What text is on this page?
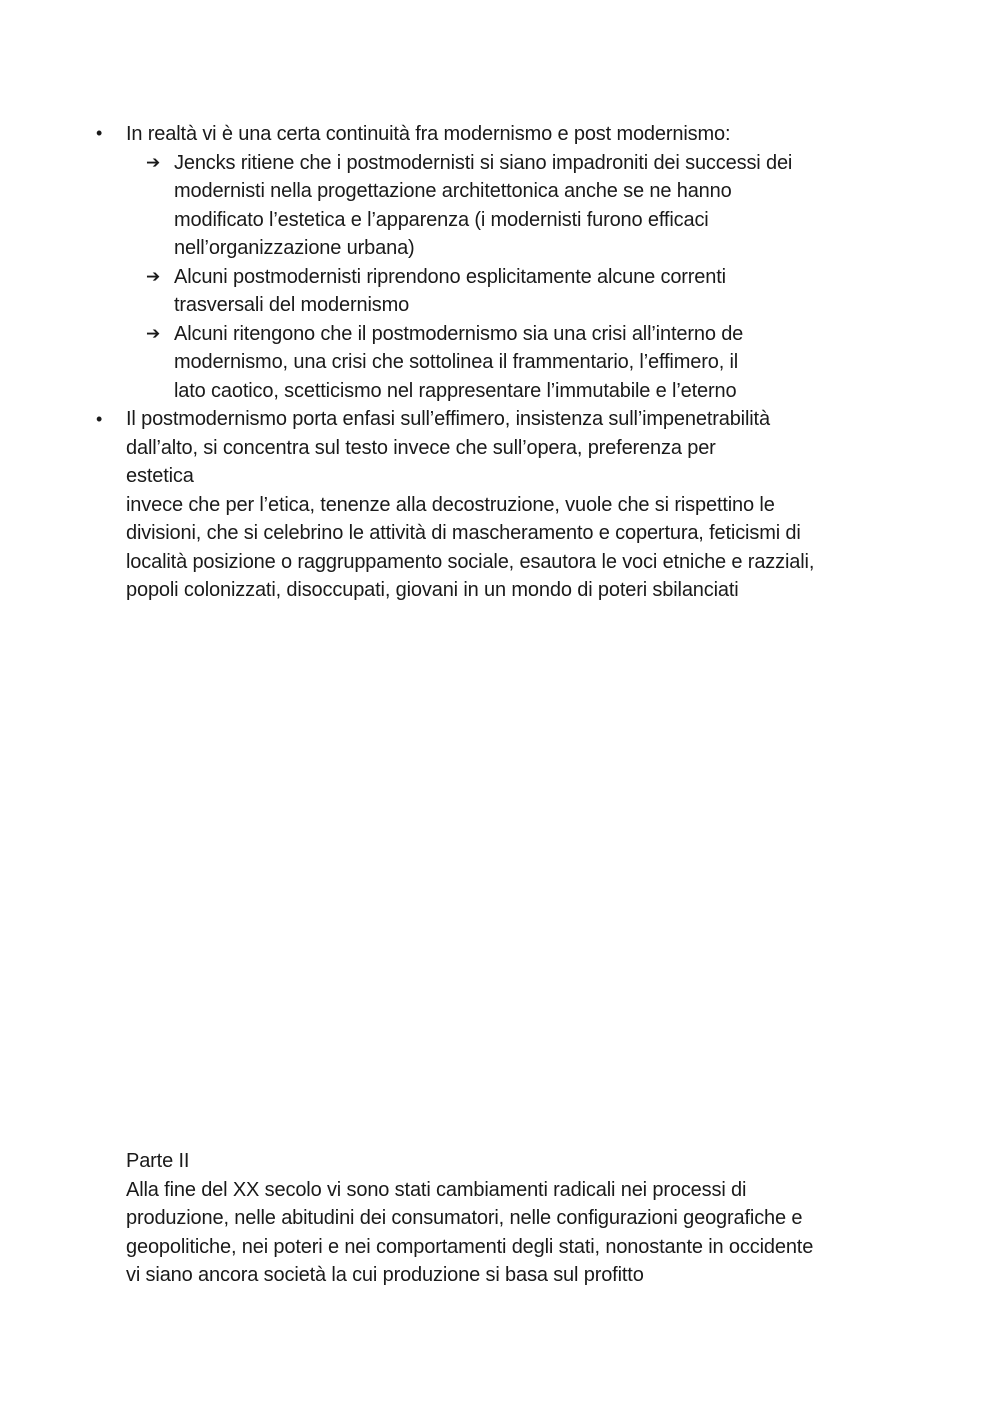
• In realtà vi è una certa continuità fra modernismo e post modernismo:
➔ Jencks ritiene che i postmodernisti si siano impadroniti dei successi dei
modernisti nella progettazione architettonica anche se ne hanno
modificato l’estetica e l’apparenza (i modernisti furono efficaci
nell’organizzazione urbana)
➔ Alcuni postmodernisti riprendono esplicitamente alcune correnti
trasversali del modernismo
➔ Alcuni ritengono che il postmodernismo sia una crisi all’interno de
modernismo, una crisi che sottolinea il frammentario, l’effimero, il
lato caotico, scetticismo nel rappresentare l’immutabile e l’eterno
• Il postmodernismo porta enfasi sull’effimero, insistenza sull’impenetrabilità
dall’alto, si concentra sul testo invece che sull’opera, preferenza per
estetica
invece che per l’etica, tenenze alla decostruzione, vuole che si rispettino le
divisioni, che si celebrino le attività di mascheramento e copertura, feticismi di
località posizione o raggruppamento sociale, esautora le voci etniche e razziali,
popoli colonizzati, disoccupati, giovani in un mondo di poteri sbilanciati
Parte II
Alla fine del XX secolo vi sono stati cambiamenti radicali nei processi di
produzione, nelle abitudini dei consumatori, nelle configurazioni geografiche e
geopolitiche, nei poteri e nei comportamenti degli stati, nonostante in occidente
vi siano ancora società la cui produzione si basa sul profitto
